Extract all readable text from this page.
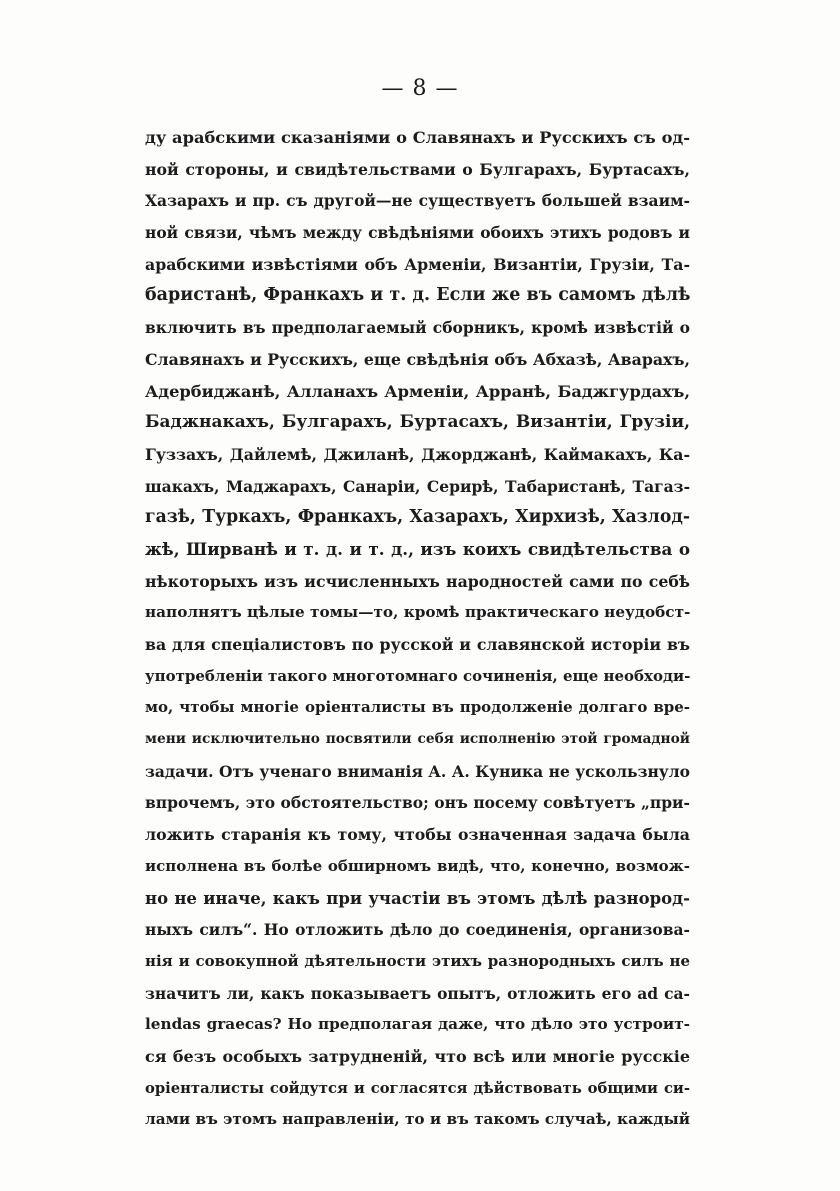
— 8 —
ду арабскими сказаніями о Славянахъ и Русскихъ съ од-
ной стороны, и свидѣтельствами о Булгарахъ, Буртасахъ,
Хазарахъ и пр. съ другой—не существуетъ большей взаим-
ной связи, чѣмъ между свѣдѣніями обоихъ этихъ родовъ и
арабскими извѣстіями объ Арменіи, Византіи, Грузіи, Та-
баристанѣ, Франкахъ и т. д. Если же въ самомъ дѣлѣ
включить въ предполагаемый сборникъ, кромѣ извѣстій о
Славянахъ и Русскихъ, еще свѣдѣнія объ Абхазѣ, Аварахъ,
Адербиджанѣ, Алланахъ Арменіи, Арранѣ, Баджгурдахъ,
Баджнакахъ, Булгарахъ, Буртасахъ, Византіи, Грузіи,
Гуззахъ, Дайлемѣ, Джиланѣ, Джорджанѣ, Каймакахъ, Ка-
шакахъ, Маджарахъ, Санаріи, Серирѣ, Табаристанѣ, Тагаз-
газѣ, Туркахъ, Франкахъ, Хазарахъ, Хирхизѣ, Хазлод-
жѣ, Ширванѣ и т. д. и т. д., изъ коихъ свидѣтельства о
нѣкоторыхъ изъ исчисленныхъ народностей сами по себѣ
наполнятъ цѣлые томы—то, кромѣ практическаго неудобст-
ва для спеціалистовъ по русской и славянской исторіи въ
употребленіи такого многотомнаго сочиненія, еще необходи-
мо, чтобы многіе оріенталисты въ продолженіе долгаго вре-
мени исключительно посвятили себя исполненію этой громадной
задачи. Отъ ученаго вниманія А. А. Куника не ускользнуло
впрочемъ, это обстоятельство; онъ посему совѣтуетъ „при-
ложить старанія къ тому, чтобы означенная задача была
исполнена въ болѣе обширномъ видѣ, что, конечно, возмож-
но не иначе, какъ при участіи въ этомъ дѣлѣ разнород-
ныхъ силъ“. Но отложить дѣло до соединенія, организова-
нія и совокупной дѣятельности этихъ разнородныхъ силъ не
значитъ ли, какъ показываетъ опытъ, отложить его ad ca-
lendas graecas? Но предполагая даже, что дѣло это устроит-
ся безъ особыхъ затрудненій, что всѣ или многіе русскіе
оріенталисты сойдутся и согласятся дѣйствовать общими си-
лами въ этомъ направленіи, то и въ такомъ случаѣ, каждый
